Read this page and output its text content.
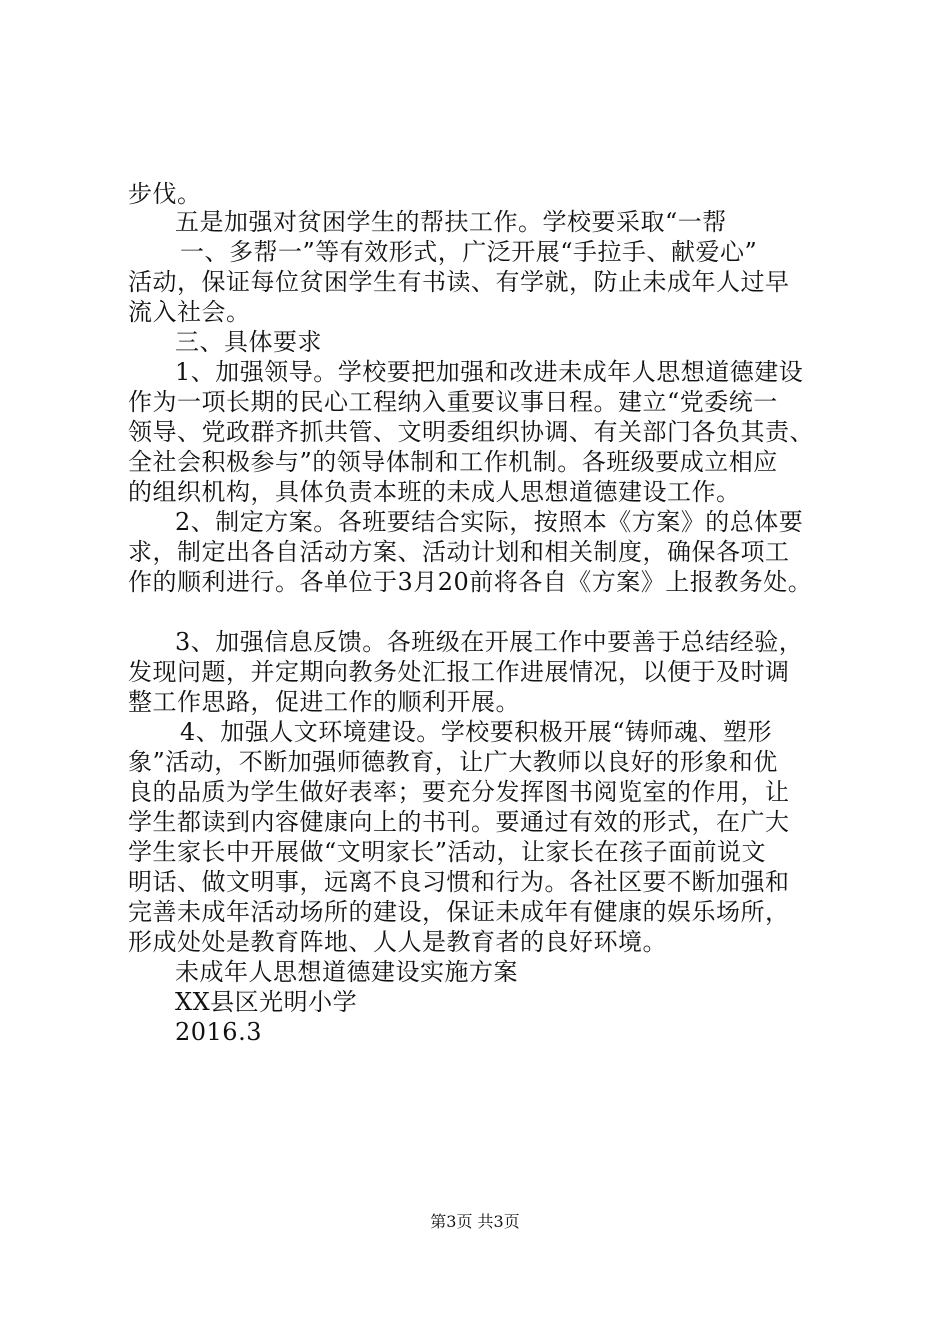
步伐。
五是加强对贫困学生的帮扶工作。学校要采取“一帮
一、多帮一”等有效形式，广泛开展“手拉手、献爱心”
活动，保证每位贫困学生有书读、有学就，防止未成年人过早
流入社会。
三、具体要求
1、加强领导。学校要把加强和改进未成年人思想道德建设
作为一项长期的民心工程纳入重要议事日程。建立“党委统一
领导、党政群齐抓共管、文明委组织协调、有关部门各负其责、
全社会积极参与”的领导体制和工作机制。各班级要成立相应
的组织机构，具体负责本班的未成人思想道德建设工作。
2、制定方案。各班要结合实际，按照本《方案》的总体要
求，制定出各自活动方案、活动计划和相关制度，确保各项工
作的顺利进行。各单位于3月20前将各自《方案》上报教务处。
3、加强信息反馈。各班级在开展工作中要善于总结经验，
发现问题，并定期向教务处汇报工作进展情况，以便于及时调
整工作思路，促进工作的顺利开展。
4、加强人文环境建设。学校要积极开展“铸师魂、塑形
象”活动，不断加强师德教育，让广大教师以良好的形象和优
良的品质为学生做好表率；要充分发挥图书阅览室的作用，让
学生都读到内容健康向上的书刊。要通过有效的形式，在广大
学生家长中开展做“文明家长”活动，让家长在孩子面前说文
明话、做文明事，远离不良习惯和行为。各社区要不断加强和
完善未成年活动场所的建设，保证未成年有健康的娱乐场所，
形成处处是教育阵地、人人是教育者的良好环境。
未成年人思想道德建设实施方案
XX县区光明小学
2016.3
第3页 共3页
